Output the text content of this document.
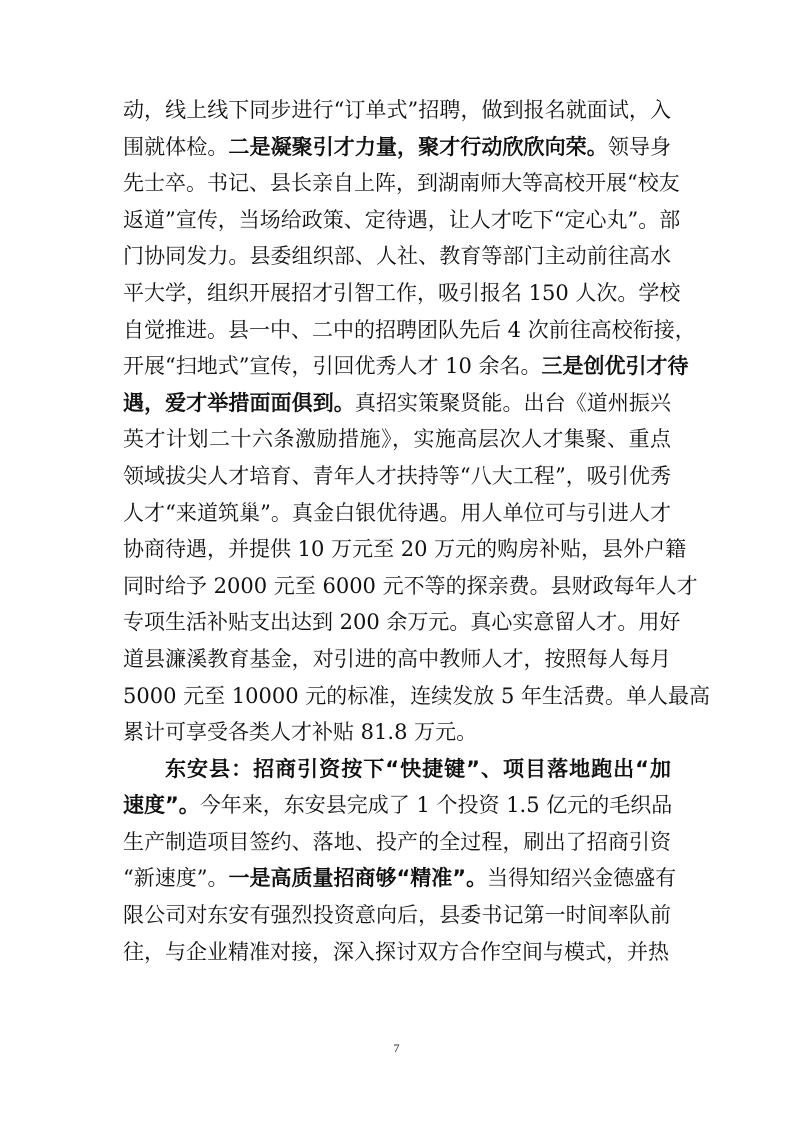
动，线上线下同步进行“订单式”招聘，做到报名就面试，入
围就体检。二是凝聚引才力量，聚才行动欣欣向荣。领导身
先士卒。书记、县长亲自上阵，到湖南师大等高校开展“校友
返道”宣传，当场给政策、定待遇，让人才吃下“定心丸”。部
门协同发力。县委组织部、人社、教育等部门主动前往高水
平大学，组织开展招才引智工作，吸引报名 150 人次。学校
自觉推进。县一中、二中的招聘团队先后 4 次前往高校衔接，
开展“扫地式”宣传，引回优秀人才 10 余名。三是创优引才待
遇，爱才举措面面俱到。真招实策聚贤能。出台《道州振兴
英才计划二十六条激励措施》，实施高层次人才集聚、重点
领域拔尖人才培育、青年人才扶持等“八大工程”，吸引优秀
人才“来道筑巢”。真金白银优待遇。用人单位可与引进人才
协商待遇，并提供 10 万元至 20 万元的购房补贴，县外户籍
同时给予 2000 元至 6000 元不等的探亲费。县财政每年人才
专项生活补贴支出达到 200 余万元。真心实意留人才。用好
道县濂溪教育基金，对引进的高中教师人才，按照每人每月
5000 元至 10000 元的标准，连续发放 5 年生活费。单人最高
累计可享受各类人才补贴 81.8 万元。
东安县：招商引资按下“快捷键”、项目落地跑出“加
速度”。今年来，东安县完成了 1 个投资 1.5 亿元的毛织品
生产制造项目签约、落地、投产的全过程，刷出了招商引资
“新速度”。一是高质量招商够“精准”。当得知绍兴金德盛有
限公司对东安有强烈投资意向后，县委书记第一时间率队前
往，与企业精准对接，深入探讨双方合作空间与模式，并热
7
